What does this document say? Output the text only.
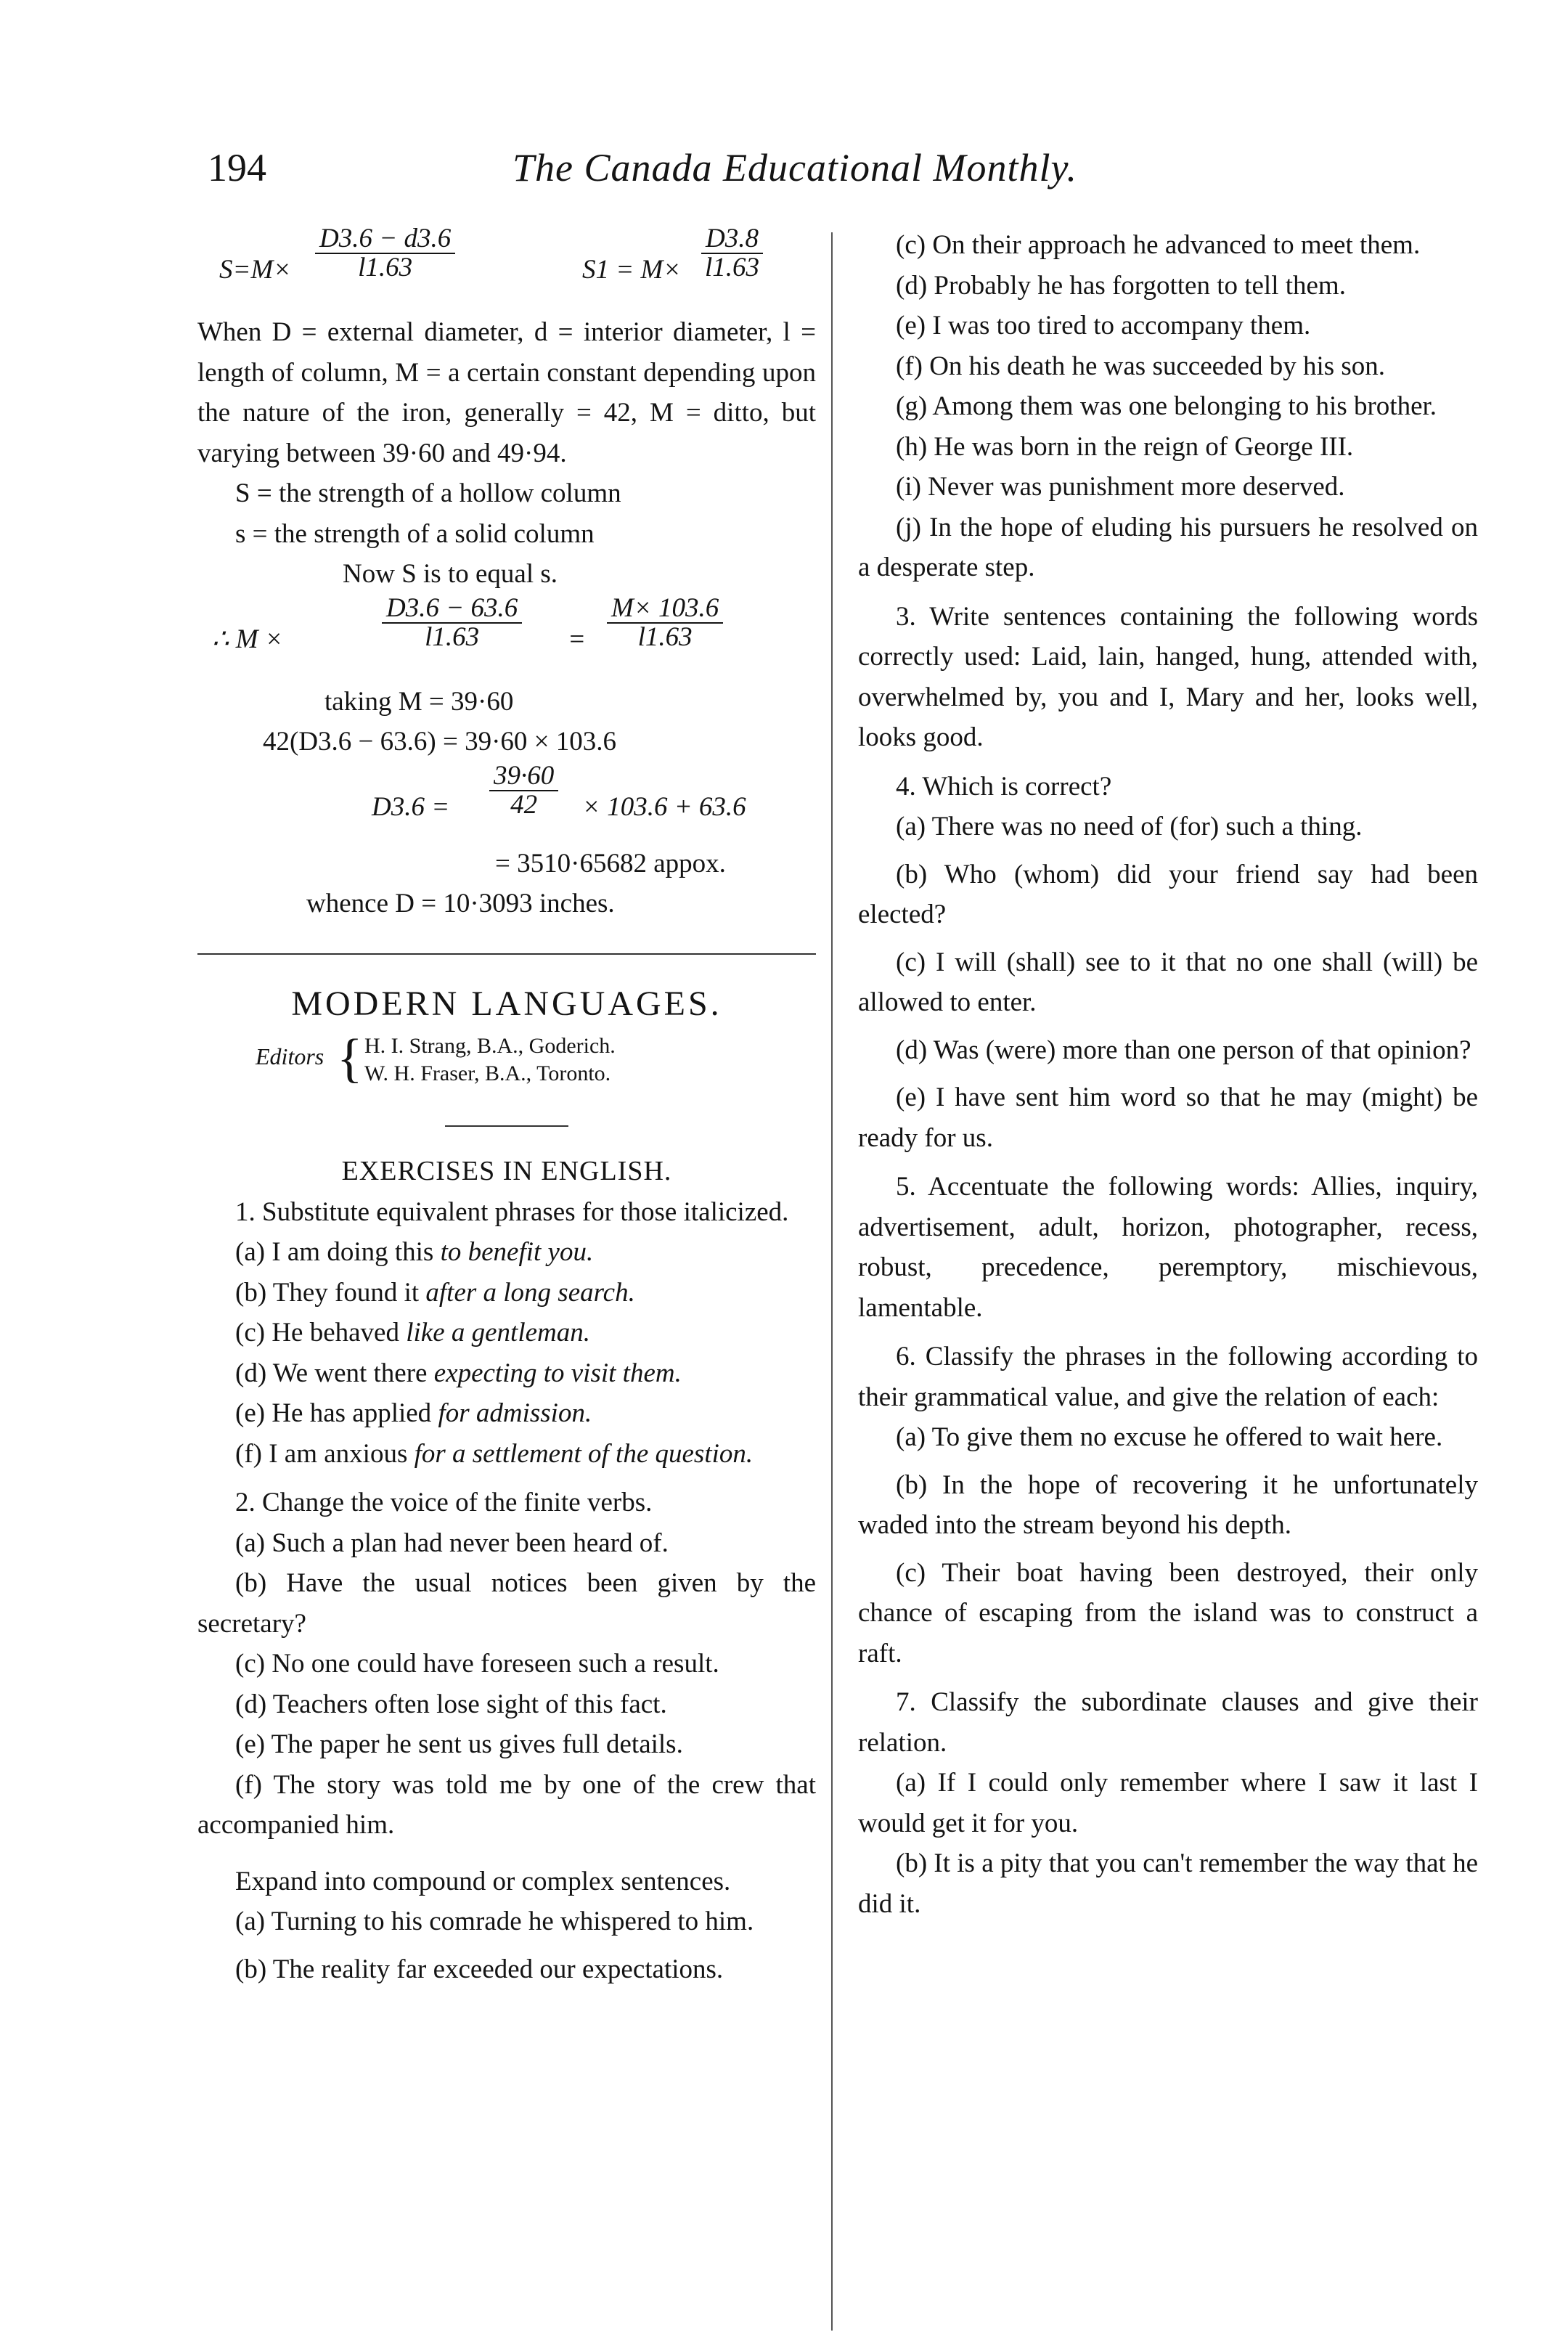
194	The Canada Educational Monthly.
$S=M\times \frac{D3.6 - d3.6}{l1.63}$	$S1 = M\times \frac{D3.8}{l1.63}$

When D = external diameter, d = interior diameter, l = length of column, M = a certain constant depending upon the nature of the iron, generally = 42, M = ditto, but varying between 39·60 and 49·94.

S = the strength of a hollow column

s = the strength of a solid column

Now S is to equal s.

∴ M ×	$\frac{D3.6 - 63.6}{l1.63} = \frac{M\times 103.6}{l1.63}$

taking M = 39·60

42(D3.6 − 63.6) = 39·60 × 103.6

$D3.6 = \frac{39\cdot 60}{42} \times 103.6 + 63.6$

= 3510·65682 appox.

whence D = 10·3093 inches.

MODERN LANGUAGES.
Editors { H. I. Strang, B.A., Goderich.
W. H. Fraser, B.A., Toronto.
EXERCISES IN ENGLISH.

1. Substitute equivalent phrases for those italicized.

(a) I am doing this to benefit you.

(b) They found it after a long search.

(c) He behaved like a gentleman.

(d) We went there expecting to visit them.

(e) He has applied for admission.

(f) I am anxious for a settlement of the question.

2. Change the voice of the finite verbs.

(a) Such a plan had never been heard of.

(b) Have the usual notices been given by the secretary?

(c) No one could have foreseen such a result.

(d) Teachers often lose sight of this fact.

(e) The paper he sent us gives full details.

(f) The story was told me by one of the crew that accompanied him.

Expand into compound or complex sentences.

(a) Turning to his comrade he whispered to him.

(b) The reality far exceeded our expectations.

(c) On their approach he advanced to meet them.

(d) Probably he has forgotten to tell them.

(e) I was too tired to accompany them.

(f) On his death he was succeeded by his son.

(g) Among them was one belonging to his brother.

(h) He was born in the reign of George III.

(i) Never was punishment more deserved.

(j) In the hope of eluding his pursuers he resolved on a desperate step.

3. Write sentences containing the following words correctly used: Laid, lain, hanged, hung, attended with, overwhelmed by, you and I, Mary and her, looks well, looks good.

4. Which is correct?

(a) There was no need of (for) such a thing.

(b) Who (whom) did your friend say had been elected?

(c) I will (shall) see to it that no one shall (will) be allowed to enter.

(d) Was (were) more than one person of that opinion?

(e) I have sent him word so that he may (might) be ready for us.

5. Accentuate the following words: Allies, inquiry, advertisement, adult, horizon, photographer, recess, robust, precedence, peremptory, mischievous, lamentable.

6. Classify the phrases in the following according to their grammatical value, and give the relation of each:

(a) To give them no excuse he offered to wait here.

(b) In the hope of recovering it he unfortunately waded into the stream beyond his depth.

(c) Their boat having been destroyed, their only chance of escaping from the island was to construct a raft.

7. Classify the subordinate clauses and give their relation.

(a) If I could only remember where I saw it last I would get it for you.

(b) It is a pity that you can't remember the way that he did it.
